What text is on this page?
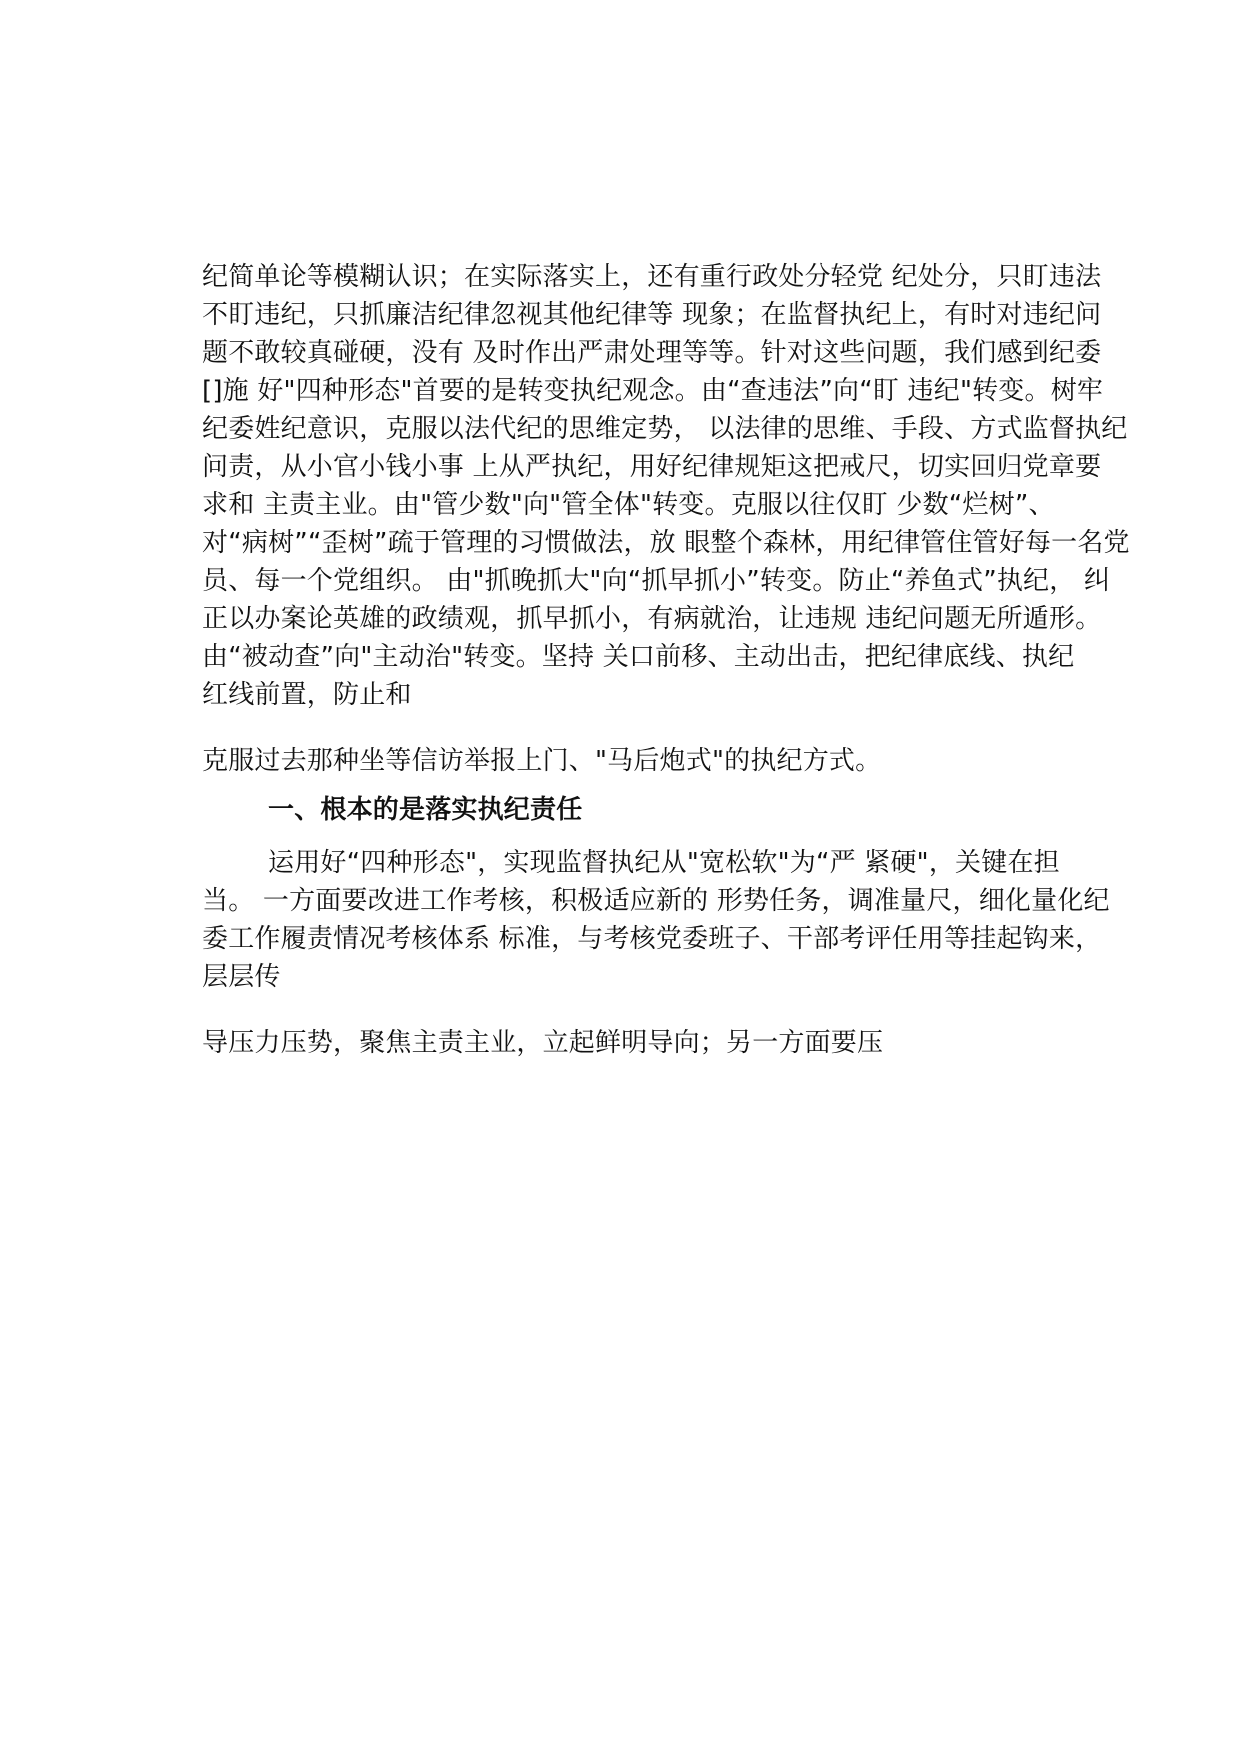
纪简单论等模糊认识；在实际落实上，还有重行政处分轻党 纪处分，只盯违法
不盯违纪，只抓廉洁纪律忽视其他纪律等 现象；在监督执纪上，有时对违纪问
题不敢较真碰硬，没有 及时作出严肃处理等等。针对这些问题，我们感到纪委
[]施 好"四种形态"首要的是转变执纪观念。由“查违法”向“盯 违纪"转变。树牢
纪委姓纪意识，克服以法代纪的思维定势， 以法律的思维、手段、方式监督执纪
问责，从小官小钱小事 上从严执纪，用好纪律规矩这把戒尺，切实回归党章要
求和 主责主业。由"管少数"向"管全体"转变。克服以往仅盯 少数“烂树”、
对“病树”“歪树”疏于管理的习惯做法，放 眼整个森林，用纪律管住管好每一名党
员、每一个党组织。 由"抓晚抓大"向“抓早抓小”转变。防止“养鱼式”执纪， 纠
正以办案论英雄的政绩观，抓早抓小，有病就治，让违规 违纪问题无所遁形。
由“被动查”向"主动治"转变。坚持 关口前移、主动出击，把纪律底线、执纪
红线前置，防止和
克服过去那种坐等信访举报上门、"马后炮式"的执纪方式。
一、根本的是落实执纪责任
运用好“四种形态"，实现监督执纪从"宽松软"为“严 紧硬"，关键在担
当。 一方面要改进工作考核，积极适应新的 形势任务，调准量尺，细化量化纪
委工作履责情况考核体系 标准，与考核党委班子、干部考评任用等挂起钩来，
层层传
导压力压势，聚焦主责主业，立起鲜明导向；另一方面要压
